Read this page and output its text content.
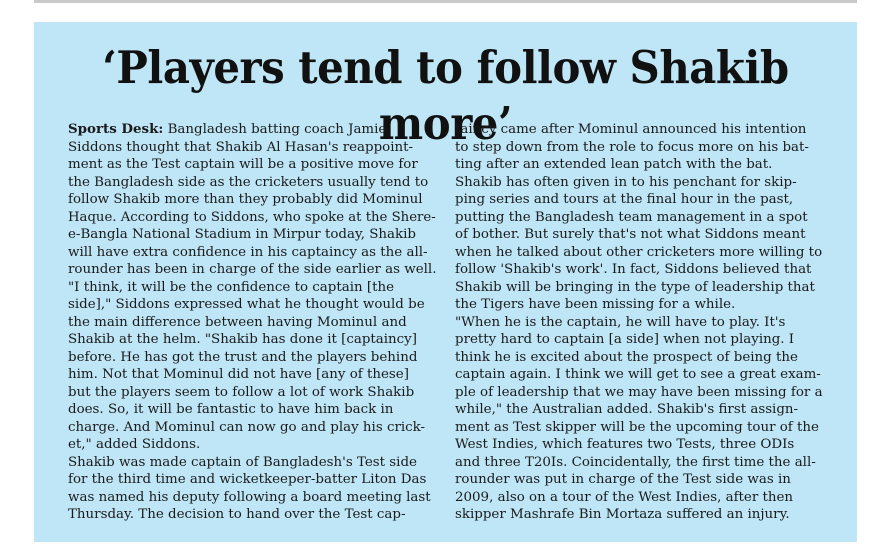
‘Players tend to follow Shakib more’
Sports Desk: Bangladesh batting coach Jamie
Siddons thought that Shakib Al Hasan's reappoint-
ment as the Test captain will be a positive move for
the Bangladesh side as the cricketers usually tend to
follow Shakib more than they probably did Mominul
Haque. According to Siddons, who spoke at the Shere-
e-Bangla National Stadium in Mirpur today, Shakib
will have extra confidence in his captaincy as the all-
rounder has been in charge of the side earlier as well.
"I think, it will be the confidence to captain [the
side]," Siddons expressed what he thought would be
the main difference between having Mominul and
Shakib at the helm. "Shakib has done it [captaincy]
before. He has got the trust and the players behind
him. Not that Mominul did not have [any of these]
but the players seem to follow a lot of work Shakib
does. So, it will be fantastic to have him back in
charge. And Mominul can now go and play his crick-
et," added Siddons.
Shakib was made captain of Bangladesh's Test side
for the third time and wicketkeeper-batter Liton Das
was named his deputy following a board meeting last
Thursday. The decision to hand over the Test cap-
taincy came after Mominul announced his intention
to step down from the role to focus more on his bat-
ting after an extended lean patch with the bat.
Shakib has often given in to his penchant for skip-
ping series and tours at the final hour in the past,
putting the Bangladesh team management in a spot
of bother. But surely that's not what Siddons meant
when he talked about other cricketers more willing to
follow 'Shakib's work'. In fact, Siddons believed that
Shakib will be bringing in the type of leadership that
the Tigers have been missing for a while.
"When he is the captain, he will have to play. It's
pretty hard to captain [a side] when not playing. I
think he is excited about the prospect of being the
captain again. I think we will get to see a great exam-
ple of leadership that we may have been missing for a
while," the Australian added. Shakib's first assign-
ment as Test skipper will be the upcoming tour of the
West Indies, which features two Tests, three ODIs
and three T20Is. Coincidentally, the first time the all-
rounder was put in charge of the Test side was in
2009, also on a tour of the West Indies, after then
skipper Mashrafe Bin Mortaza suffered an injury.
